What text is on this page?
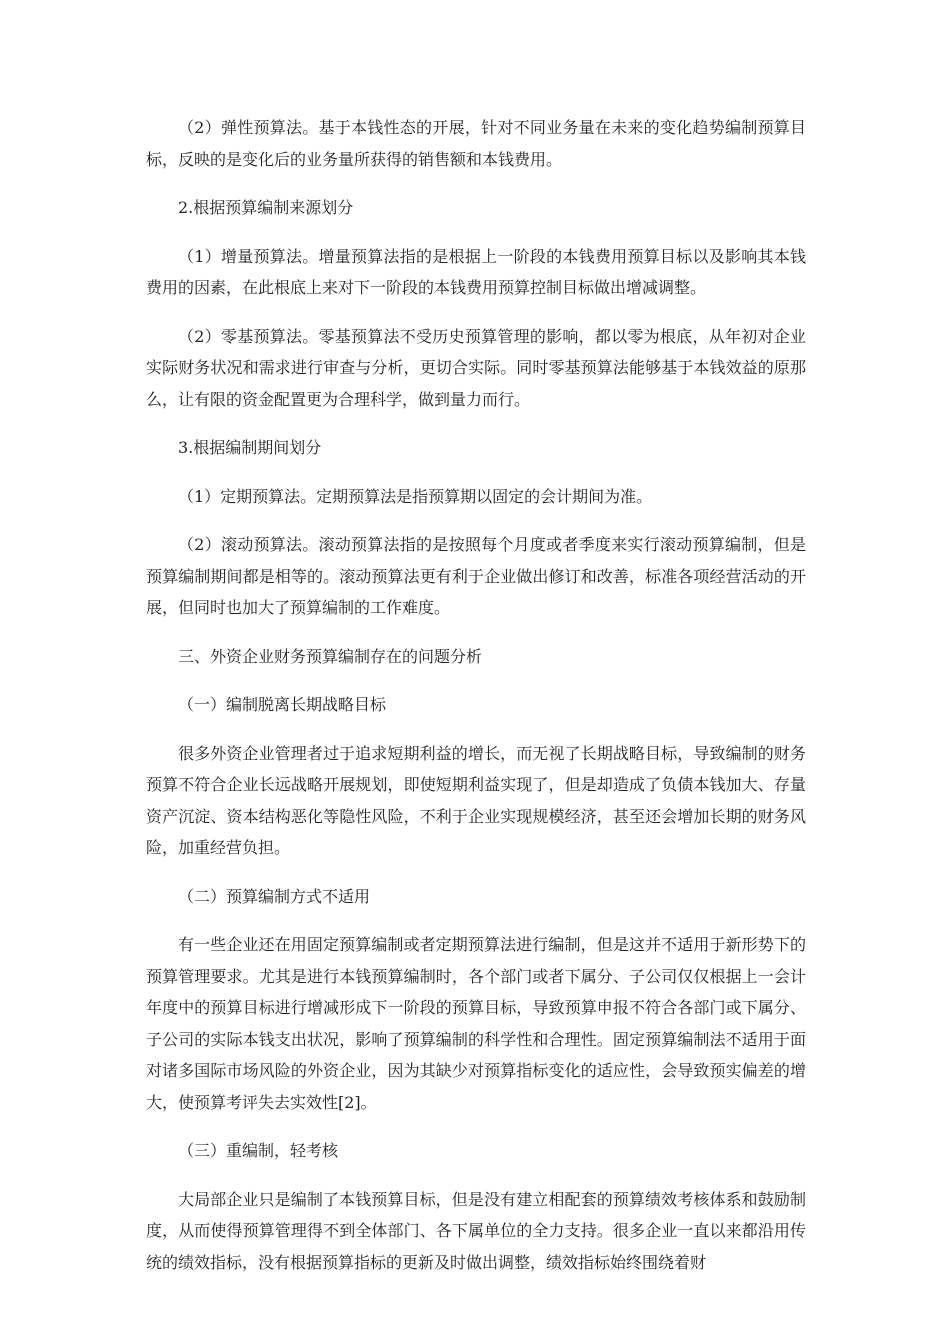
（2）弹性预算法。基于本钱性态的开展，针对不同业务量在未来的变化趋势编制预算目标，反映的是变化后的业务量所获得的销售额和本钱费用。

2.根据预算编制来源划分

（1）增量预算法。增量预算法指的是根据上一阶段的本钱费用预算目标以及影响其本钱费用的因素，在此根底上来对下一阶段的本钱费用预算控制目标做出增减调整。

（2）零基预算法。零基预算法不受历史预算管理的影响，都以零为根底，从年初对企业实际财务状况和需求进行审查与分析，更切合实际。同时零基预算法能够基于本钱效益的原那么，让有限的资金配置更为合理科学，做到量力而行。

3.根据编制期间划分

（1）定期预算法。定期预算法是指预算期以固定的会计期间为准。

（2）滚动预算法。滚动预算法指的是按照每个月度或者季度来实行滚动预算编制，但是预算编制期间都是相等的。滚动预算法更有利于企业做出修订和改善，标准各项经营活动的开展，但同时也加大了预算编制的工作难度。

三、外资企业财务预算编制存在的问题分析

（一）编制脱离长期战略目标

很多外资企业管理者过于追求短期利益的增长，而无视了长期战略目标，导致编制的财务预算不符合企业长远战略开展规划，即使短期利益实现了，但是却造成了负债本钱加大、存量资产沉淀、资本结构恶化等隐性风险，不利于企业实现规模经济，甚至还会增加长期的财务风险，加重经营负担。

（二）预算编制方式不适用

有一些企业还在用固定预算编制或者定期预算法进行编制，但是这并不适用于新形势下的预算管理要求。尤其是进行本钱预算编制时，各个部门或者下属分、子公司仅仅根据上一会计年度中的预算目标进行增减形成下一阶段的预算目标，导致预算申报不符合各部门或下属分、子公司的实际本钱支出状况，影响了预算编制的科学性和合理性。固定预算编制法不适用于面对诸多国际市场风险的外资企业，因为其缺少对预算指标变化的适应性，会导致预实偏差的增大，使预算考评失去实效性[2]。

（三）重编制，轻考核

大局部企业只是编制了本钱预算目标，但是没有建立相配套的预算绩效考核体系和鼓励制度，从而使得预算管理得不到全体部门、各下属单位的全力支持。很多企业一直以来都沿用传统的绩效指标，没有根据预算指标的更新及时做出调整，绩效指标始终围绕着财
